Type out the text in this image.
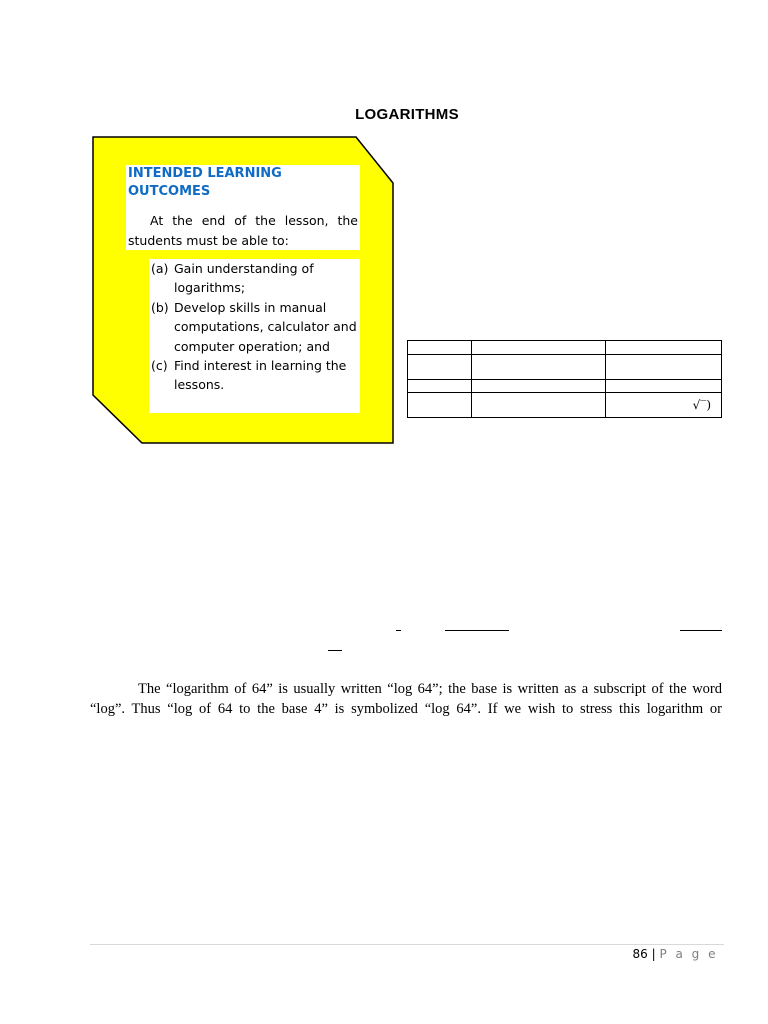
LOGARITHMS
INTENDED LEARNING OUTCOMES
At the end of the lesson, the students must be able to:
(a) Gain understanding of logarithms;
(b) Develop skills in manual computations, calculator and computer operation; and
(c) Find interest in learning the lessons.

		√‾)
The “logarithm of 64” is usually written “log 64”; the base is written as a subscript of the word “log”. Thus “log of 64 to the base 4” is symbolized “log 64”. If we wish to stress this logarithm or
86 | P a g e
